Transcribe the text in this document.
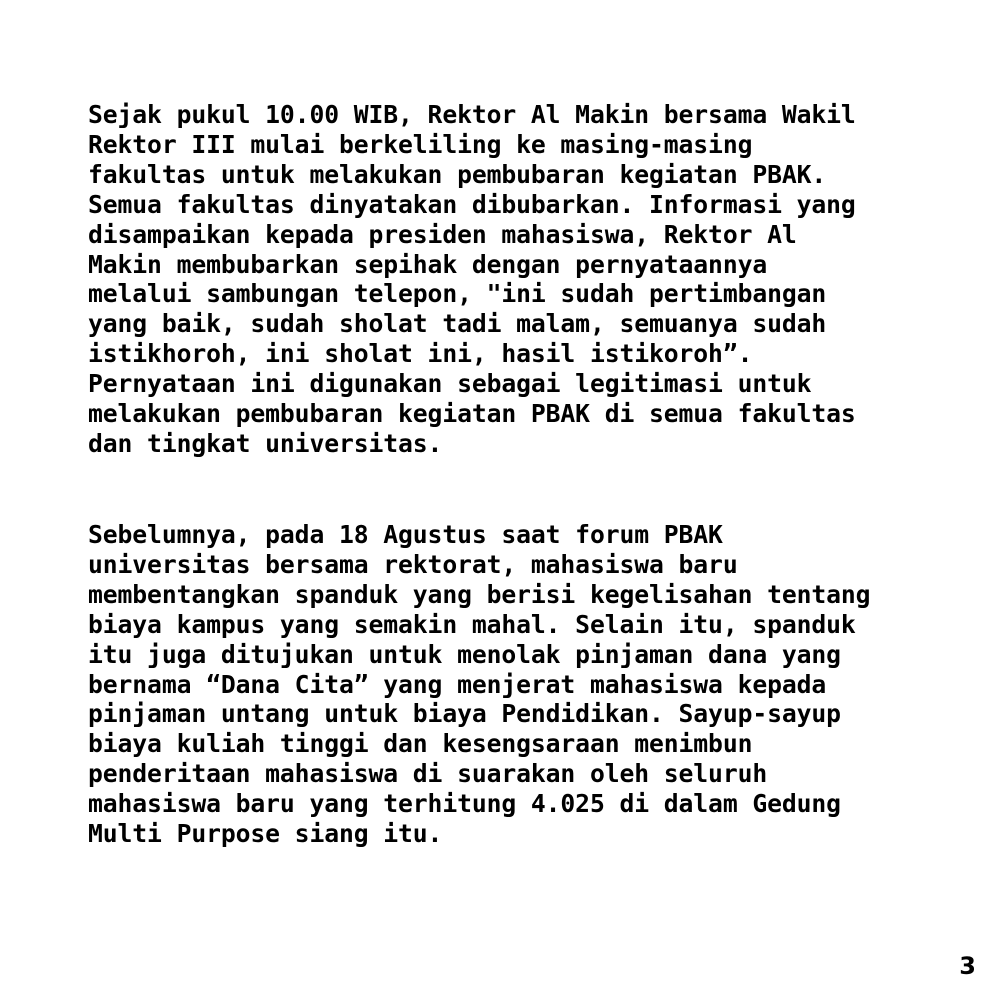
Sejak pukul 10.00 WIB, Rektor Al Makin bersama Wakil
Rektor III mulai berkeliling ke masing-masing
fakultas untuk melakukan pembubaran kegiatan PBAK.
Semua fakultas dinyatakan dibubarkan. Informasi yang
disampaikan kepada presiden mahasiswa, Rektor Al
Makin membubarkan sepihak dengan pernyataannya
melalui sambungan telepon, "ini sudah pertimbangan
yang baik, sudah sholat tadi malam, semuanya sudah
istikhoroh, ini sholat ini, hasil istikoroh”.
Pernyataan ini digunakan sebagai legitimasi untuk
melakukan pembubaran kegiatan PBAK di semua fakultas
dan tingkat universitas.

Sebelumnya, pada 18 Agustus saat forum PBAK
universitas bersama rektorat, mahasiswa baru
membentangkan spanduk yang berisi kegelisahan tentang
biaya kampus yang semakin mahal. Selain itu, spanduk
itu juga ditujukan untuk menolak pinjaman dana yang
bernama “Dana Cita” yang menjerat mahasiswa kepada
pinjaman untang untuk biaya Pendidikan. Sayup-sayup
biaya kuliah tinggi dan kesengsaraan menimbun
penderitaan mahasiswa di suarakan oleh seluruh
mahasiswa baru yang terhitung 4.025 di dalam Gedung
Multi Purpose siang itu.

3
